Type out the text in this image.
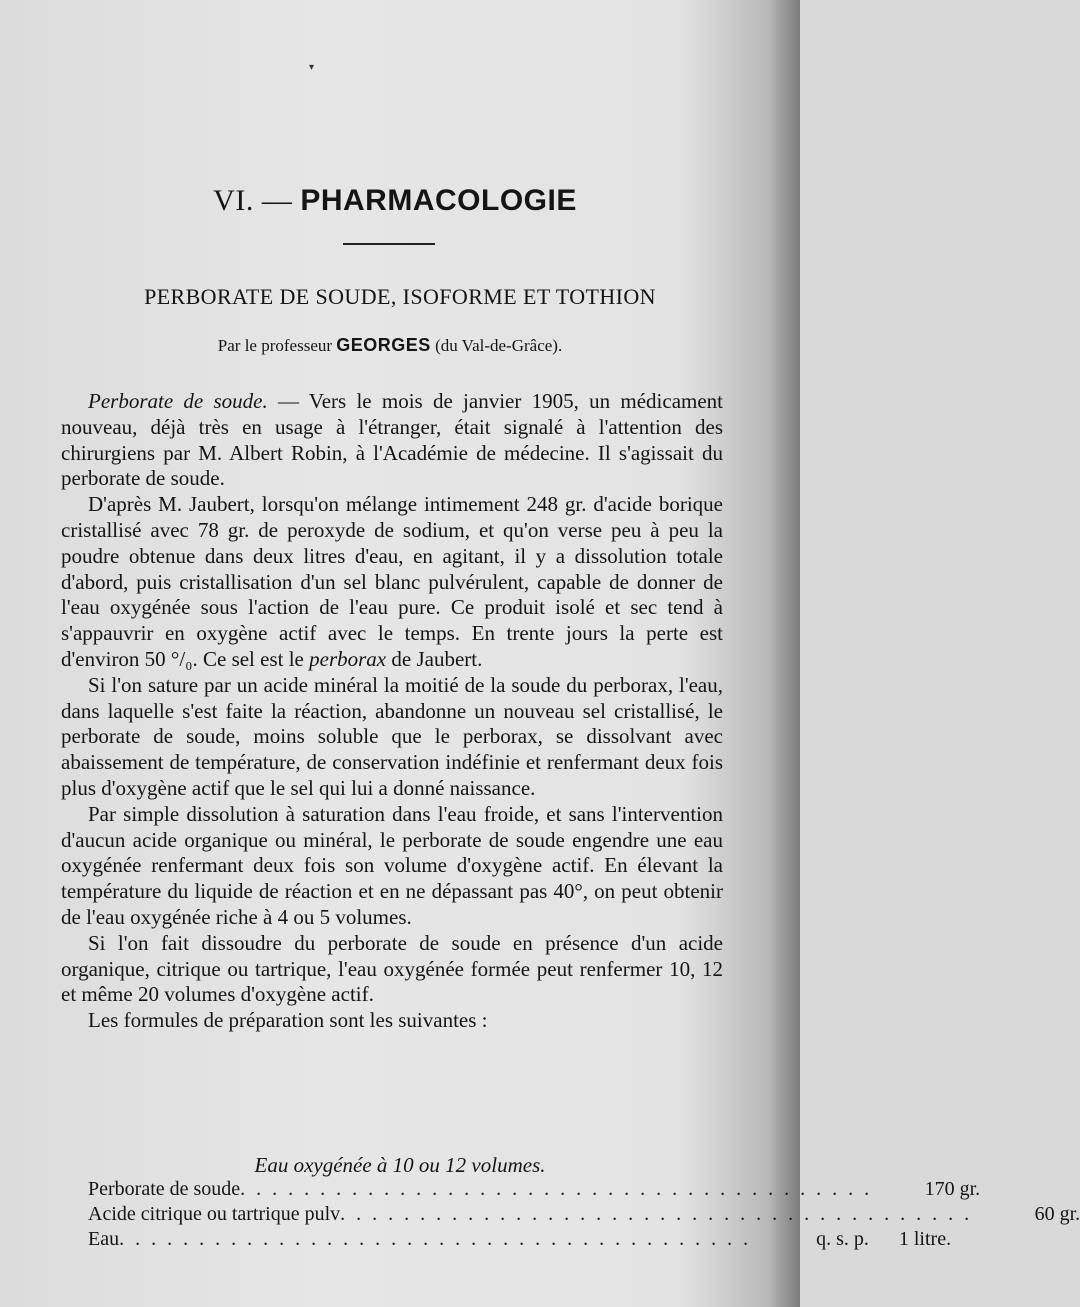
▾
VI. — PHARMACOLOGIE
PERBORATE DE SOUDE, ISOFORME ET TOTHION
Par le professeur GEORGES (du Val-de-Grâce).

Perborate de soude. — Vers le mois de janvier 1905, un médicament nouveau, déjà très en usage à l'étranger, était signalé à l'attention des chirurgiens par M. Albert Robin, à l'Académie de médecine. Il s'agissait du perborate de soude.

D'après M. Jaubert, lorsqu'on mélange intimement 248 gr. d'acide borique cristallisé avec 78 gr. de peroxyde de sodium, et qu'on verse peu à peu la poudre obtenue dans deux litres d'eau, en agitant, il y a dissolution totale d'abord, puis cristallisation d'un sel blanc pulvérulent, capable de donner de l'eau oxygénée sous l'action de l'eau pure. Ce produit isolé et sec tend à s'appauvrir en oxygène actif avec le temps. En trente jours la perte est d'environ 50 °/₀. Ce sel est le perborax de Jaubert.

Si l'on sature par un acide minéral la moitié de la soude du perborax, l'eau, dans laquelle s'est faite la réaction, abandonne un nouveau sel cristallisé, le perborate de soude, moins soluble que le perborax, se dissolvant avec abaissement de température, de conservation indéfinie et renfermant deux fois plus d'oxygène actif que le sel qui lui a donné naissance.

Par simple dissolution à saturation dans l'eau froide, et sans l'intervention d'aucun acide organique ou minéral, le perborate de soude engendre une eau oxygénée renfermant deux fois son volume d'oxygène actif. En élevant la température du liquide de réaction et en ne dépassant pas 40°, on peut obtenir de l'eau oxygénée riche à 4 ou 5 volumes.

Si l'on fait dissoudre du perborate de soude en présence d'un acide organique, citrique ou tartrique, l'eau oxygénée formée peut renfermer 10, 12 et même 20 volumes d'oxygène actif.

Les formules de préparation sont les suivantes :

Eau oxygénée à 10 ou 12 volumes.
Perborate de soude . . . . . . . . . . . . . . . . . . . . . . . . . . . . . . . . . . . . . . . .	170 gr.
Acide citrique ou tartrique pulv . . . . . . . . . . . . . . . . . . . . . . . . . . . . . . . . . . . . . . . .	60 gr.
Eau . . . . . . . . . . . . . . . . . . . . . . . . . . . . . . . . . . . . . . . .	q. s. p.      1 litre.
